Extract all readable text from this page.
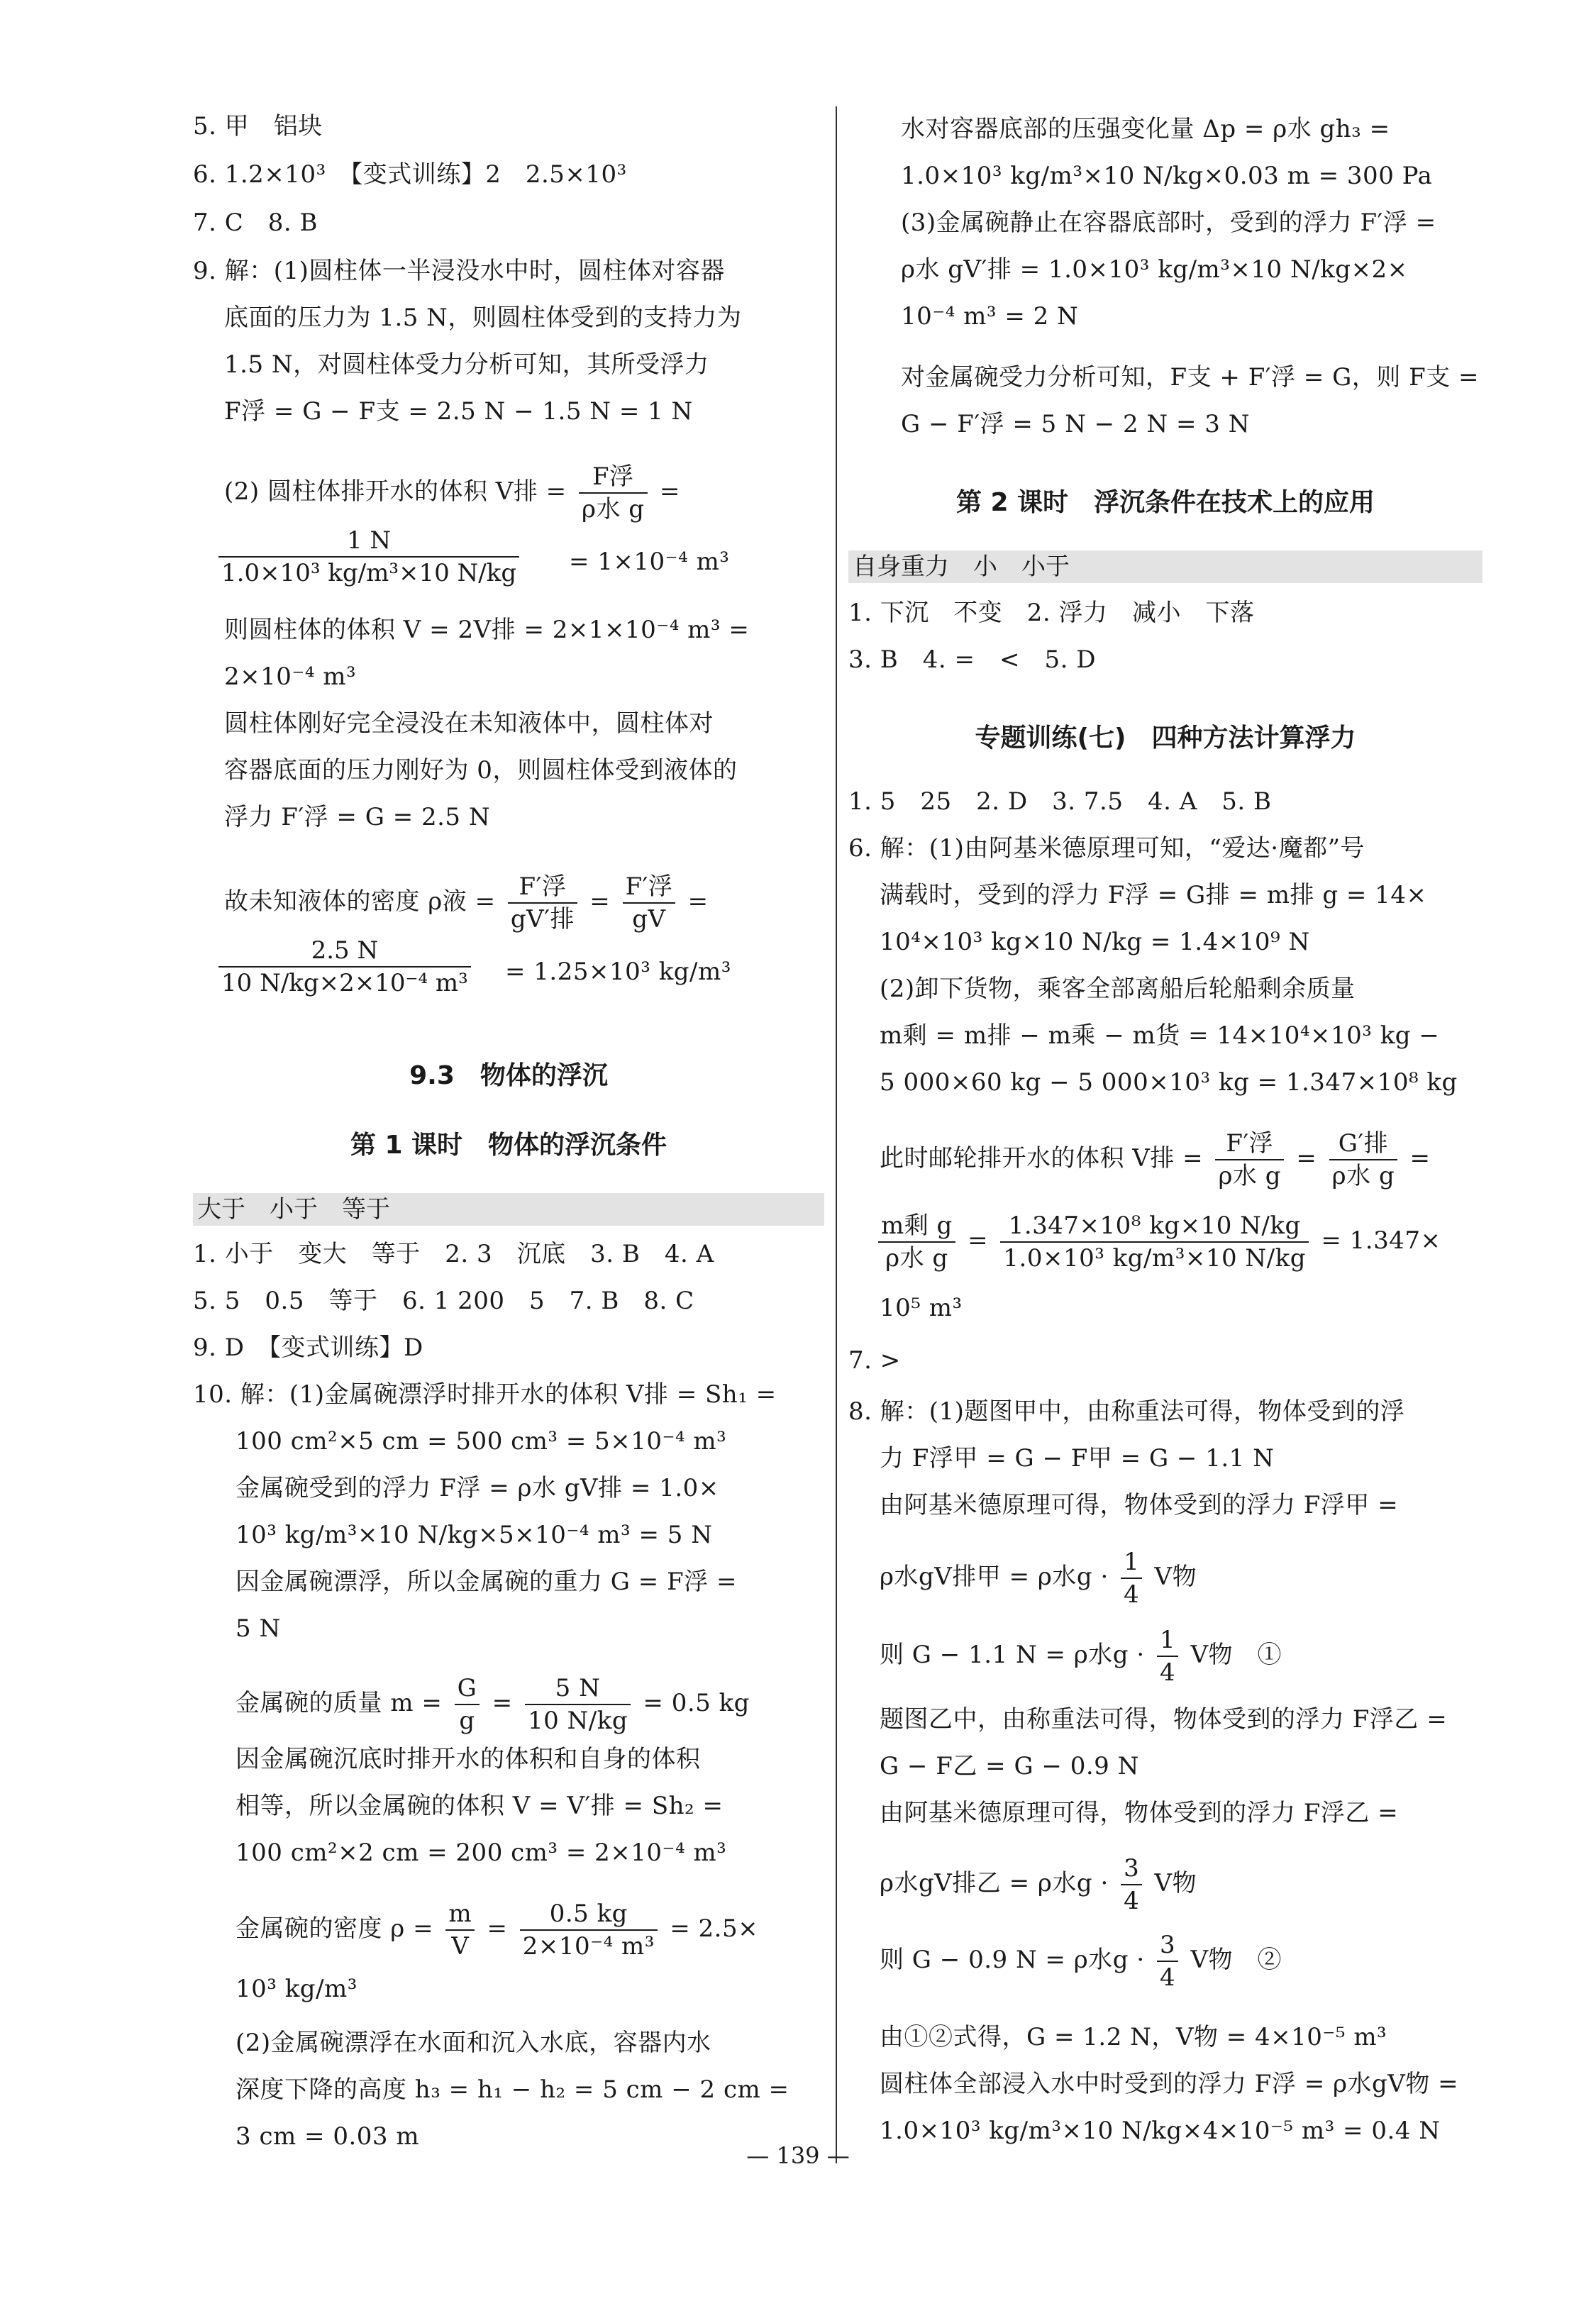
5. 甲　铝块
6. 1.2×10³　【变式训练】2　2.5×10³
7. C　8. B
9. 解：(1)圆柱体一半浸没水中时，圆柱体对容器
底面的压力为 1.5 N，则圆柱体受到的支持力为
1.5 N，对圆柱体受力分析可知，其所受浮力
F浮 = G − F支 = 2.5 N − 1.5 N = 1 N
(2) 圆柱体排开水的体积 V排 = $\frac{\text{F浮}}{\text{ρ水 g}}$ =
$\frac{1 N}{\text{1.0×10³ kg/m³×10 N/kg}} = 1\times 10^{-4}$ m³
则圆柱体的体积 V = 2V排 = 2×1×10⁻⁴ m³ =
2×10⁻⁴ m³
圆柱体刚好完全浸没在未知液体中，圆柱体对
容器底面的压力刚好为 0，则圆柱体受到液体的
浮力 F′浮 = G = 2.5 N
故未知液体的密度 ρ液 = $\frac{\text{F′浮}}{\text{gV′排}} = \frac{\text{F′浮}}{gV}$ =
$\frac{2.5 N}{\text{10 N/kg×2×10⁻⁴ m³}} = 1.25\times 10^3$ kg/m³
9.3　物体的浮沉
第 1 课时　物体的浮沉条件
大于　小于　等于
1. 小于　变大　等于　2. 3　沉底　3. B　4. A
5. 5　0.5　等于　6. 1 200　5　7. B　8. C
9. D　【变式训练】D
10. 解：(1)金属碗漂浮时排开水的体积 V排 = Sh₁ =
100 cm²×5 cm = 500 cm³ = 5×10⁻⁴ m³
金属碗受到的浮力 F浮 = ρ水 gV排 = 1.0×
10³ kg/m³×10 N/kg×5×10⁻⁴ m³ = 5 N
因金属碗漂浮，所以金属碗的重力 G = F浮 =
5 N
金属碗的质量 $m = \frac{G}{g} = \frac{5 N}{10 N/kg} = 0.5$ kg
因金属碗沉底时排开水的体积和自身的体积
相等，所以金属碗的体积 V = V′排 = Sh₂ =
100 cm²×2 cm = 200 cm³ = 2×10⁻⁴ m³
金属碗的密度 $\rho = \frac{m}{V} = \frac{0.5 kg}{\text{2×10⁻⁴ m³}} = 2.5\times$
10³ kg/m³
(2)金属碗漂浮在水面和沉入水底，容器内水
深度下降的高度 h₃ = h₁ − h₂ = 5 cm − 2 cm =
3 cm = 0.03 m
水对容器底部的压强变化量 Δp = ρ水 gh₃ =
1.0×10³ kg/m³×10 N/kg×0.03 m = 300 Pa
(3)金属碗静止在容器底部时，受到的浮力 F′浮 =
ρ水 gV′排 = 1.0×10³ kg/m³×10 N/kg×2×
10⁻⁴ m³ = 2 N
对金属碗受力分析可知，F支 + F′浮 = G，则 F支 =
G − F′浮 = 5 N − 2 N = 3 N
第 2 课时　浮沉条件在技术上的应用
自身重力　小　小于
1. 下沉　不变　2. 浮力　减小　下落
3. B　4. =　<　5. D
专题训练(七)　四种方法计算浮力
1. 5　25　2. D　3. 7.5　4. A　5. B
6. 解：(1)由阿基米德原理可知，“爱达·魔都”号
满载时，受到的浮力 F浮 = G排 = m排 g = 14×
10⁴×10³ kg×10 N/kg = 1.4×10⁹ N
(2)卸下货物，乘客全部离船后轮船剩余质量
m剩 = m排 − m乘 − m货 = 14×10⁴×10³ kg −
5 000×60 kg − 5 000×10³ kg = 1.347×10⁸ kg
此时邮轮排开水的体积 V排 = $\frac{\text{F′浮}}{\text{ρ水 g}} = \frac{\text{G′排}}{\text{ρ水 g}}$ =
$\frac{\text{m剩 g}}{\text{ρ水 g}} = \frac{\text{1.347×10⁸ kg×10 N/kg}}{\text{1.0×10³ kg/m³×10 N/kg}} = 1.347\times$
10⁵ m³
7. >
8. 解：(1)题图甲中，由称重法可得，物体受到的浮
力 F浮甲 = G − F甲 = G − 1.1 N
由阿基米德原理可得，物体受到的浮力 F浮甲 =
ρ水gV排甲 = ρ水$g \cdot \frac{1}{4}$ V物
则 G − 1.1 N = ρ水$g \cdot \frac{1}{4}$ V物　①
题图乙中，由称重法可得，物体受到的浮力 F浮乙 =
G − F乙 = G − 0.9 N
由阿基米德原理可得，物体受到的浮力 F浮乙 =
ρ水gV排乙 = ρ水$g \cdot \frac{3}{4}$ V物
则 G − 0.9 N = ρ水$g \cdot \frac{3}{4}$ V物　②
由①②式得，G = 1.2 N，V物 = 4×10⁻⁵ m³
圆柱体全部浸入水中时受到的浮力 F浮 = ρ水gV物 =
1.0×10³ kg/m³×10 N/kg×4×10⁻⁵ m³ = 0.4 N
— 139 —
